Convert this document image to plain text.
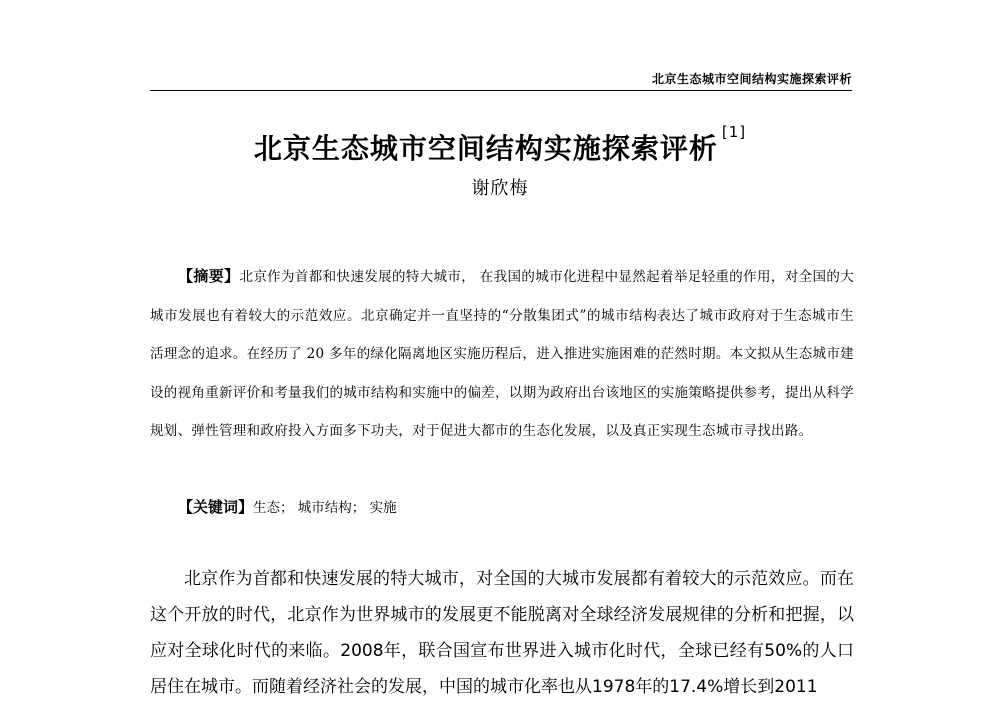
北京生态城市空间结构实施探索评析
北京生态城市空间结构实施探索评析 [1]
谢欣梅

【摘要】北京作为首都和快速发展的特大城市， 在我国的城市化进程中显然起着举足轻重的作用，对全国的大城市发展也有着较大的示范效应。北京确定并一直坚持的“分散集团式”的城市结构表达了城市政府对于生态城市生活理念的追求。在经历了 20 多年的绿化隔离地区实施历程后，进入推进实施困难的茫然时期。本文拟从生态城市建设的视角重新评价和考量我们的城市结构和实施中的偏差，以期为政府出台该地区的实施策略提供参考，提出从科学规划、弹性管理和政府投入方面多下功夫，对于促进大都市的生态化发展，以及真正实现生态城市寻找出路。

【关键词】生态； 城市结构； 实施

北京作为首都和快速发展的特大城市，对全国的大城市发展都有着较大的示范效应。而在这个开放的时代，北京作为世界城市的发展更不能脱离对全球经济发展规律的分析和把握，以应对全球化时代的来临。2008年，联合国宣布世界进入城市化时代，全球已经有50%的人口居住在城市。而随着经济社会的发展，中国的城市化率也从1978年的17.4%增长到2011
